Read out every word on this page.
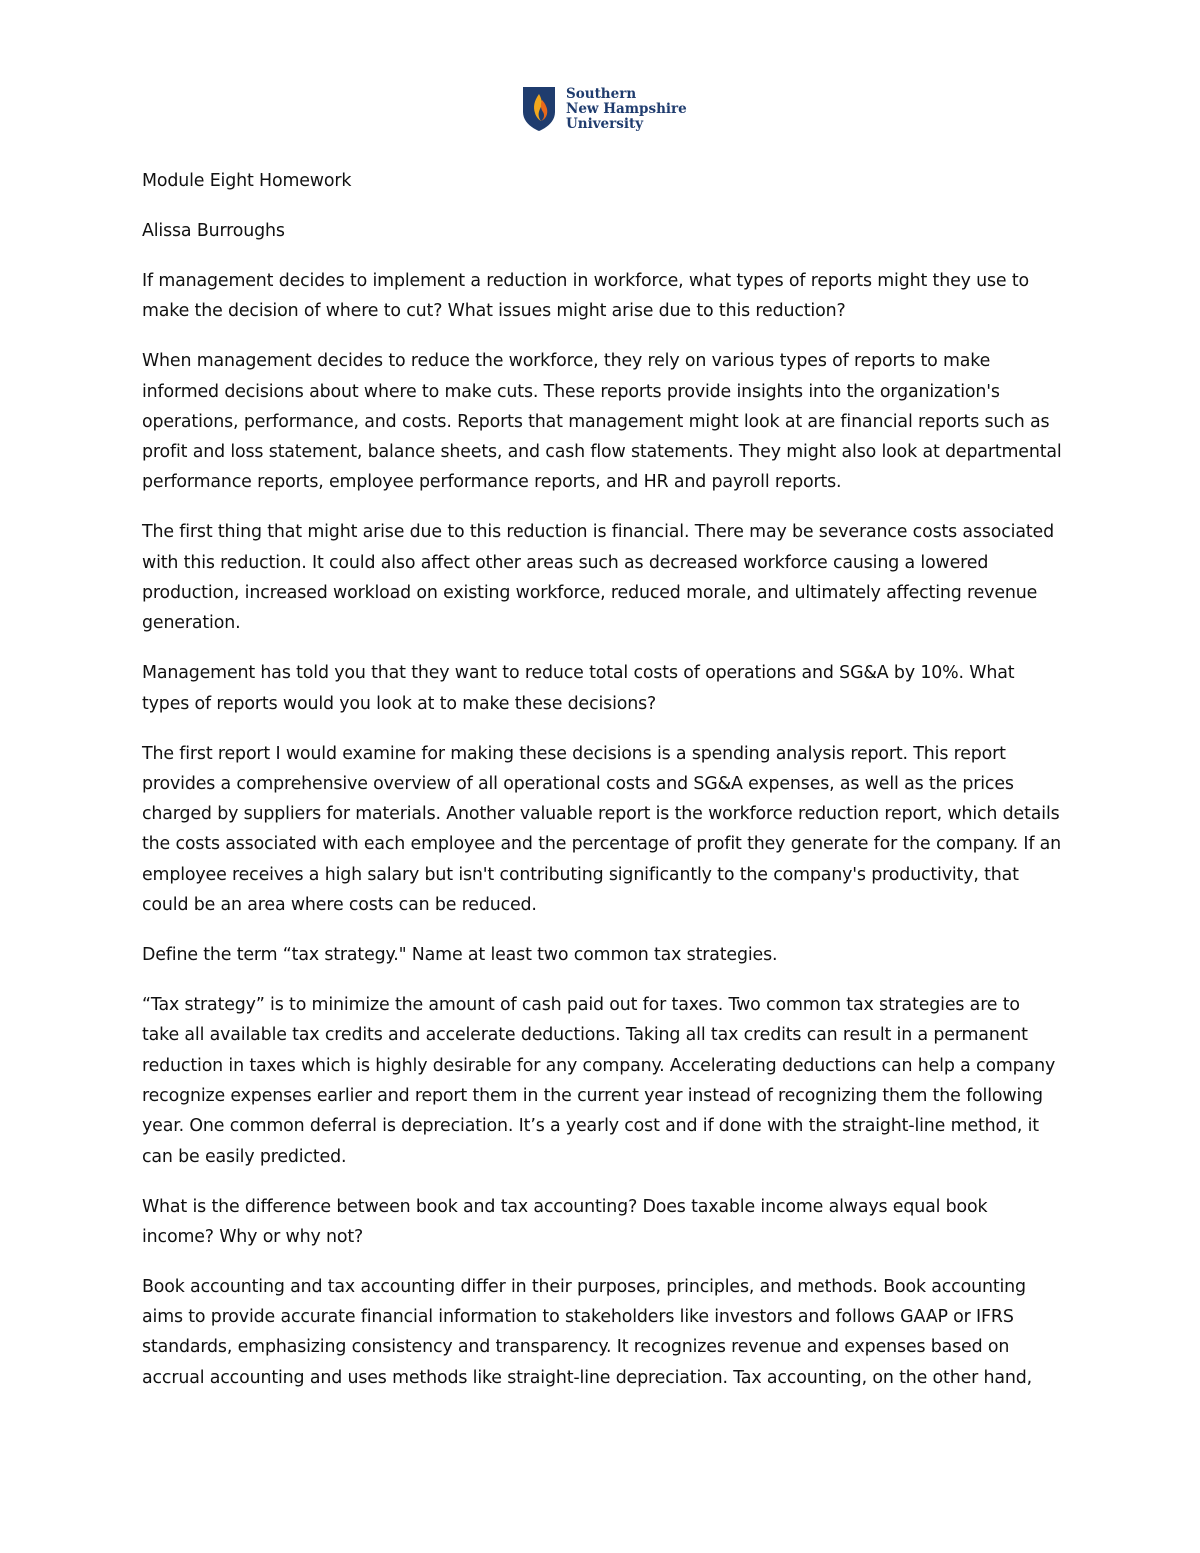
Southern
New Hampshire
University

Module Eight Homework

Alissa Burroughs

If management decides to implement a reduction in workforce, what types of reports might they use to make the decision of where to cut? What issues might arise due to this reduction?

When management decides to reduce the workforce, they rely on various types of reports to make informed decisions about where to make cuts. These reports provide insights into the organization's operations, performance, and costs. Reports that management might look at are financial reports such as profit and loss statement, balance sheets, and cash flow statements. They might also look at departmental performance reports, employee performance reports, and HR and payroll reports.

The first thing that might arise due to this reduction is financial. There may be severance costs associated with this reduction. It could also affect other areas such as decreased workforce causing a lowered production, increased workload on existing workforce, reduced morale, and ultimately affecting revenue generation.

Management has told you that they want to reduce total costs of operations and SG&A by 10%. What types of reports would you look at to make these decisions?

The first report I would examine for making these decisions is a spending analysis report. This report provides a comprehensive overview of all operational costs and SG&A expenses, as well as the prices charged by suppliers for materials. Another valuable report is the workforce reduction report, which details the costs associated with each employee and the percentage of profit they generate for the company. If an employee receives a high salary but isn't contributing significantly to the company's productivity, that could be an area where costs can be reduced.

Define the term “tax strategy." Name at least two common tax strategies.

“Tax strategy” is to minimize the amount of cash paid out for taxes. Two common tax strategies are to take all available tax credits and accelerate deductions. Taking all tax credits can result in a permanent reduction in taxes which is highly desirable for any company. Accelerating deductions can help a company recognize expenses earlier and report them in the current year instead of recognizing them the following year. One common deferral is depreciation. It’s a yearly cost and if done with the straight-line method, it can be easily predicted.

What is the difference between book and tax accounting? Does taxable income always equal book income? Why or why not?

Book accounting and tax accounting differ in their purposes, principles, and methods. Book accounting aims to provide accurate financial information to stakeholders like investors and follows GAAP or IFRS standards, emphasizing consistency and transparency. It recognizes revenue and expenses based on accrual accounting and uses methods like straight-line depreciation. Tax accounting, on the other hand,
